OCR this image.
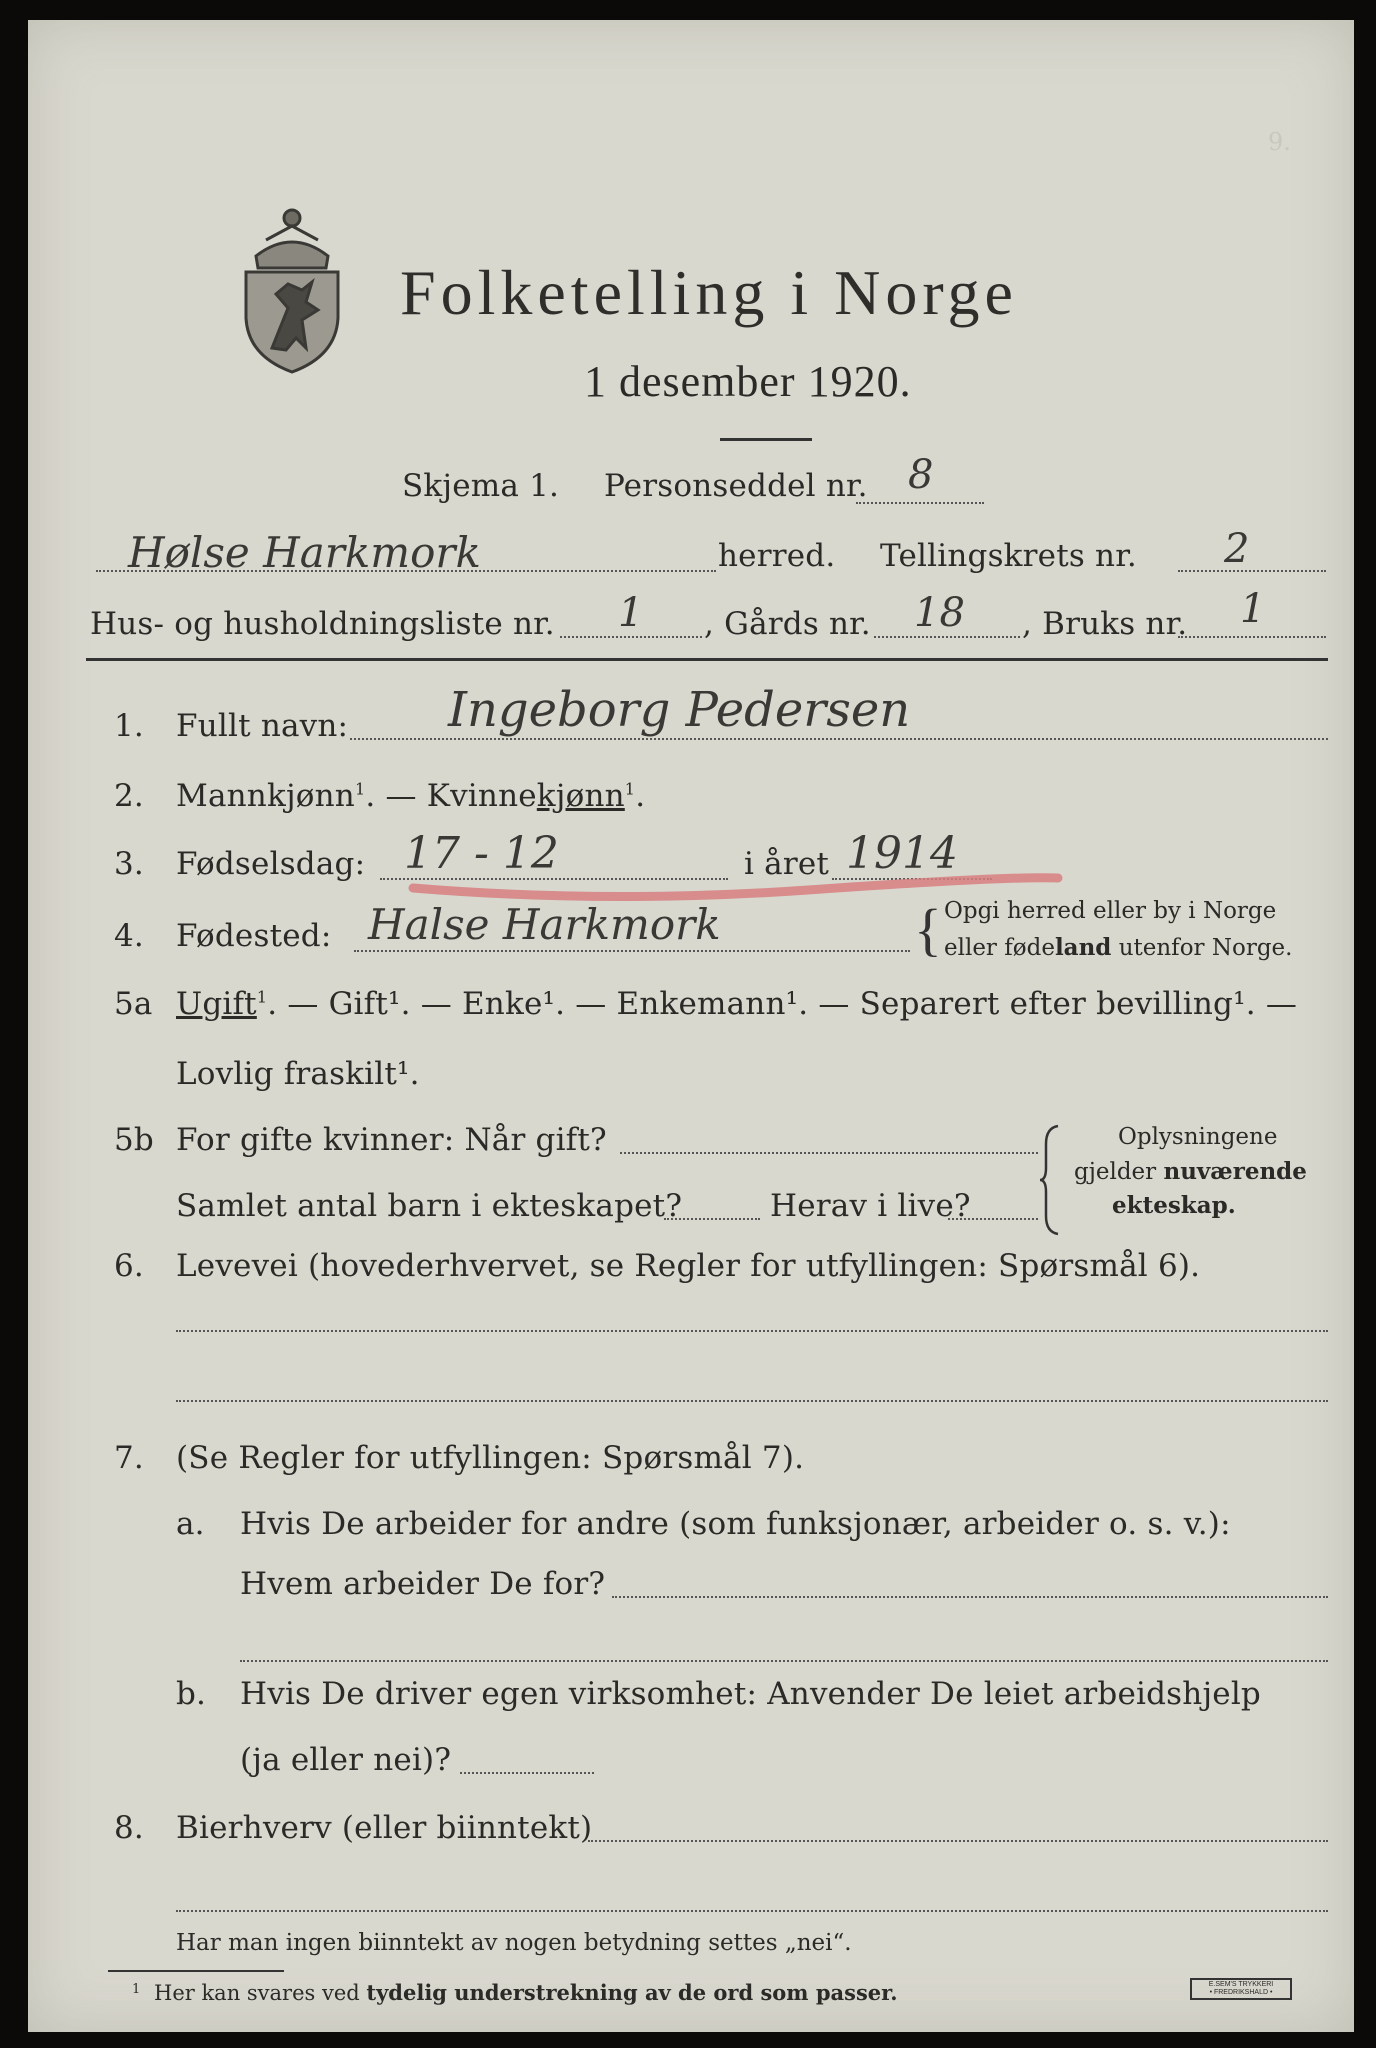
9.
Folketelling i Norge
1 desember 1920.
Skjema 1. Personseddel nr. 8
Hølse Harkmork	herred. Tellingskrets nr. 2
Hus- og husholdningsliste nr. 1 , Gårds nr. 18 , Bruks nr. 1
1. Fullt navn: Ingeborg Pedersen
2. Mannkjønn$^1$. — Kvinnekjønn$^1$.
3. Fødselsdag: 17 - 12	i året 1914
4. Fødested: Halse Harkmork	{ Opgi herred eller by i Norge
eller fødeland utenfor Norge.
5a Ugift$^1$. — Gift¹. — Enke¹. — Enkemann¹. — Separert efter bevilling¹. —
Lovlig fraskilt¹.
5b For gifte kvinner: Når gift?
Samlet antal barn i ekteskapet?	Herav i live?
Oplysningene
gjelder nuværende
ekteskap.
6. Levevei (hovederhvervet, se Regler for utfyllingen: Spørsmål 6).
7. (Se Regler for utfyllingen: Spørsmål 7).
a. Hvis De arbeider for andre (som funksjonær, arbeider o. s. v.):
Hvem arbeider De for?
b. Hvis De driver egen virksomhet: Anvender De leiet arbeidshjelp
(ja eller nei)?
8. Bierhverv (eller biinntekt)
Har man ingen biinntekt av nogen betydning settes „nei“.
1 Her kan svares ved tydelig understrekning av de ord som passer.	E.SEM'S TRYKKERI
• FREDRIKSHALD •
